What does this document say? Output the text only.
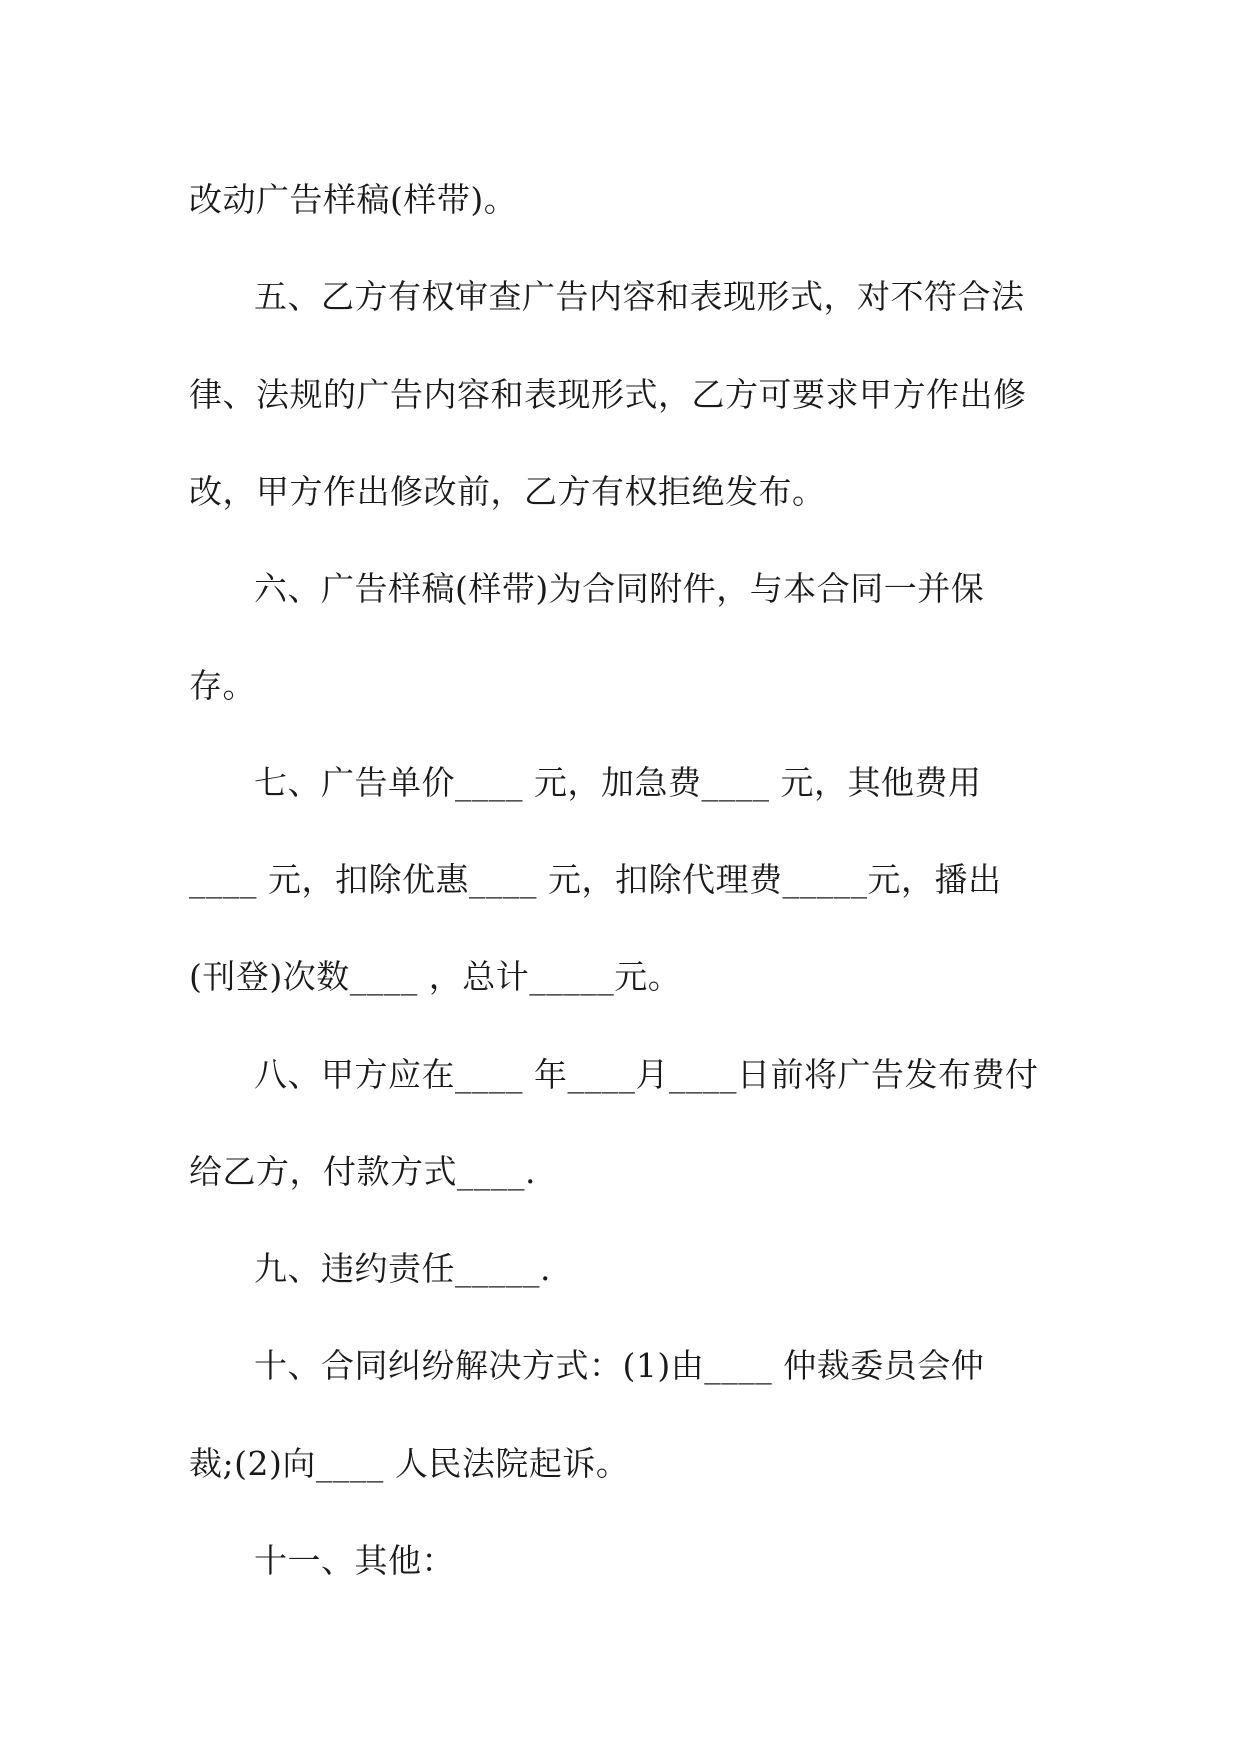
改动广告样稿(样带)。
五、乙方有权审查广告内容和表现形式，对不符合法
律、法规的广告内容和表现形式，乙方可要求甲方作出修
改，甲方作出修改前，乙方有权拒绝发布。
六、广告样稿(样带)为合同附件，与本合同一并保
存。
七、广告单价____ 元，加急费____ 元，其他费用
____ 元，扣除优惠____ 元，扣除代理费_____元，播出
(刊登)次数____ ，总计_____元。
八、甲方应在____ 年____月____日前将广告发布费付
给乙方，付款方式____.
九、违约责任_____.
十、合同纠纷解决方式：(1)由____ 仲裁委员会仲
裁;(2)向____ 人民法院起诉。
十一、其他：
